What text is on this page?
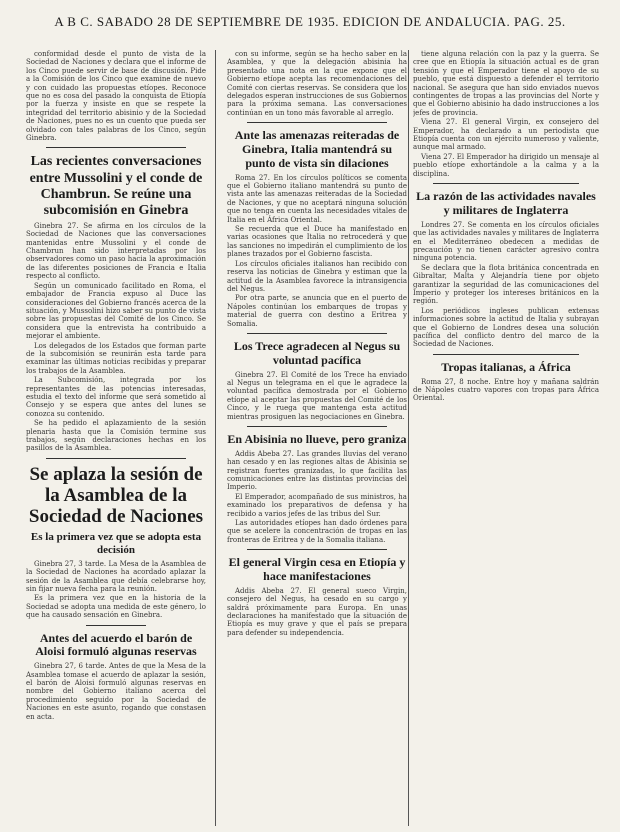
A B C. SABADO 28 DE SEPTIEMBRE DE 1935. EDICION DE ANDALUCIA. PAG. 25.

conformidad desde el punto de vista de la Sociedad de Naciones y declara que el informe de los Cinco puede servir de base de discusión. Pide a la Comisión de los Cinco que examine de nuevo y con cuidado las propuestas etíopes. Reconoce que no es cosa del pasado la conquista de Etiopía por la fuerza y insiste en que se respete la integridad del territorio abisinio y de la Sociedad de Naciones, pues no es un cuento que pueda ser olvidado con tales palabras de los Cinco, según Ginebra.

Las recientes conversaciones entre Mussolini y el conde de Chambrun. Se reúne una subcomisión en Ginebra

Ginebra 27. Se afirma en los círculos de la Sociedad de Naciones que las conversaciones mantenidas entre Mussolini y el conde de Chambrun han sido interpretadas por los observadores como un paso hacia la aproximación de las diferentes posiciones de Francia e Italia respecto al conflicto.

Según un comunicado facilitado en Roma, el embajador de Francia expuso al Duce las consideraciones del Gobierno francés acerca de la situación, y Mussolini hizo saber su punto de vista sobre las propuestas del Comité de los Cinco. Se considera que la entrevista ha contribuido a mejorar el ambiente.

Los delegados de los Estados que forman parte de la subcomisión se reunirán esta tarde para examinar las últimas noticias recibidas y preparar los trabajos de la Asamblea.

La Subcomisión, integrada por los representantes de las potencias interesadas, estudia el texto del informe que será sometido al Consejo y se espera que antes del lunes se conozca su contenido.

Se ha pedido el aplazamiento de la sesión plenaria hasta que la Comisión termine sus trabajos, según declaraciones hechas en los pasillos de la Asamblea.

Se aplaza la sesión de la Asamblea de la Sociedad de Naciones
Es la primera vez que se adopta esta decisión

Ginebra 27, 3 tarde. La Mesa de la Asamblea de la Sociedad de Naciones ha acordado aplazar la sesión de la Asamblea que debía celebrarse hoy, sin fijar nueva fecha para la reunión.

Es la primera vez que en la historia de la Sociedad se adopta una medida de este género, lo que ha causado sensación en Ginebra.

Antes del acuerdo el barón de Aloisi formuló algunas reservas

Ginebra 27, 6 tarde. Antes de que la Mesa de la Asamblea tomase el acuerdo de aplazar la sesión, el barón de Aloisi formuló algunas reservas en nombre del Gobierno italiano acerca del procedimiento seguido por la Sociedad de Naciones en este asunto, rogando que constasen en acta.

con su informe, según se ha hecho saber en la Asamblea, y que la delegación abisinia ha presentado una nota en la que expone que el Gobierno etíope acepta las recomendaciones del Comité con ciertas reservas. Se considera que los delegados esperan instrucciones de sus Gobiernos para la próxima semana. Las conversaciones continúan en un tono más favorable al arreglo.

Ante las amenazas reiteradas de Ginebra, Italia mantendrá su punto de vista sin dilaciones

Roma 27. En los círculos políticos se comenta que el Gobierno italiano mantendrá su punto de vista ante las amenazas reiteradas de la Sociedad de Naciones, y que no aceptará ninguna solución que no tenga en cuenta las necesidades vitales de Italia en el África Oriental.

Se recuerda que el Duce ha manifestado en varias ocasiones que Italia no retrocederá y que las sanciones no impedirán el cumplimiento de los planes trazados por el Gobierno fascista.

Los círculos oficiales italianos han recibido con reserva las noticias de Ginebra y estiman que la actitud de la Asamblea favorece la intransigencia del Negus.

Por otra parte, se anuncia que en el puerto de Nápoles continúan los embarques de tropas y material de guerra con destino a Eritrea y Somalia.

Los Trece agradecen al Negus su voluntad pacífica

Ginebra 27. El Comité de los Trece ha enviado al Negus un telegrama en el que le agradece la voluntad pacífica demostrada por el Gobierno etíope al aceptar las propuestas del Comité de los Cinco, y le ruega que mantenga esta actitud mientras prosiguen las negociaciones en Ginebra.

En Abisinia no llueve, pero graniza

Addis Abeba 27. Las grandes lluvias del verano han cesado y en las regiones altas de Abisinia se registran fuertes granizadas, lo que facilita las comunicaciones entre las distintas provincias del Imperio.

El Emperador, acompañado de sus ministros, ha examinado los preparativos de defensa y ha recibido a varios jefes de las tribus del Sur.

Las autoridades etíopes han dado órdenes para que se acelere la concentración de tropas en las fronteras de Eritrea y de la Somalia italiana.

El general Virgin cesa en Etiopía y hace manifestaciones

Addis Abeba 27. El general sueco Virgin, consejero del Negus, ha cesado en su cargo y saldrá próximamente para Europa. En unas declaraciones ha manifestado que la situación de Etiopía es muy grave y que el país se prepara para defender su independencia.

tiene alguna relación con la paz y la guerra. Se cree que en Etiopía la situación actual es de gran tensión y que el Emperador tiene el apoyo de su pueblo, que está dispuesto a defender el territorio nacional. Se asegura que han sido enviados nuevos contingentes de tropas a las provincias del Norte y que el Gobierno abisinio ha dado instrucciones a los jefes de provincia.

Viena 27. El general Virgin, ex consejero del Emperador, ha declarado a un periodista que Etiopía cuenta con un ejército numeroso y valiente, aunque mal armado.

Viena 27. El Emperador ha dirigido un mensaje al pueblo etíope exhortándole a la calma y a la disciplina.

La razón de las actividades navales y militares de Inglaterra

Londres 27. Se comenta en los círculos oficiales que las actividades navales y militares de Inglaterra en el Mediterráneo obedecen a medidas de precaución y no tienen carácter agresivo contra ninguna potencia.

Se declara que la flota británica concentrada en Gibraltar, Malta y Alejandría tiene por objeto garantizar la seguridad de las comunicaciones del Imperio y proteger los intereses británicos en la región.

Los periódicos ingleses publican extensas informaciones sobre la actitud de Italia y subrayan que el Gobierno de Londres desea una solución pacífica del conflicto dentro del marco de la Sociedad de Naciones.

Tropas italianas, a África

Roma 27, 8 noche. Entre hoy y mañana saldrán de Nápoles cuatro vapores con tropas para África Oriental.
